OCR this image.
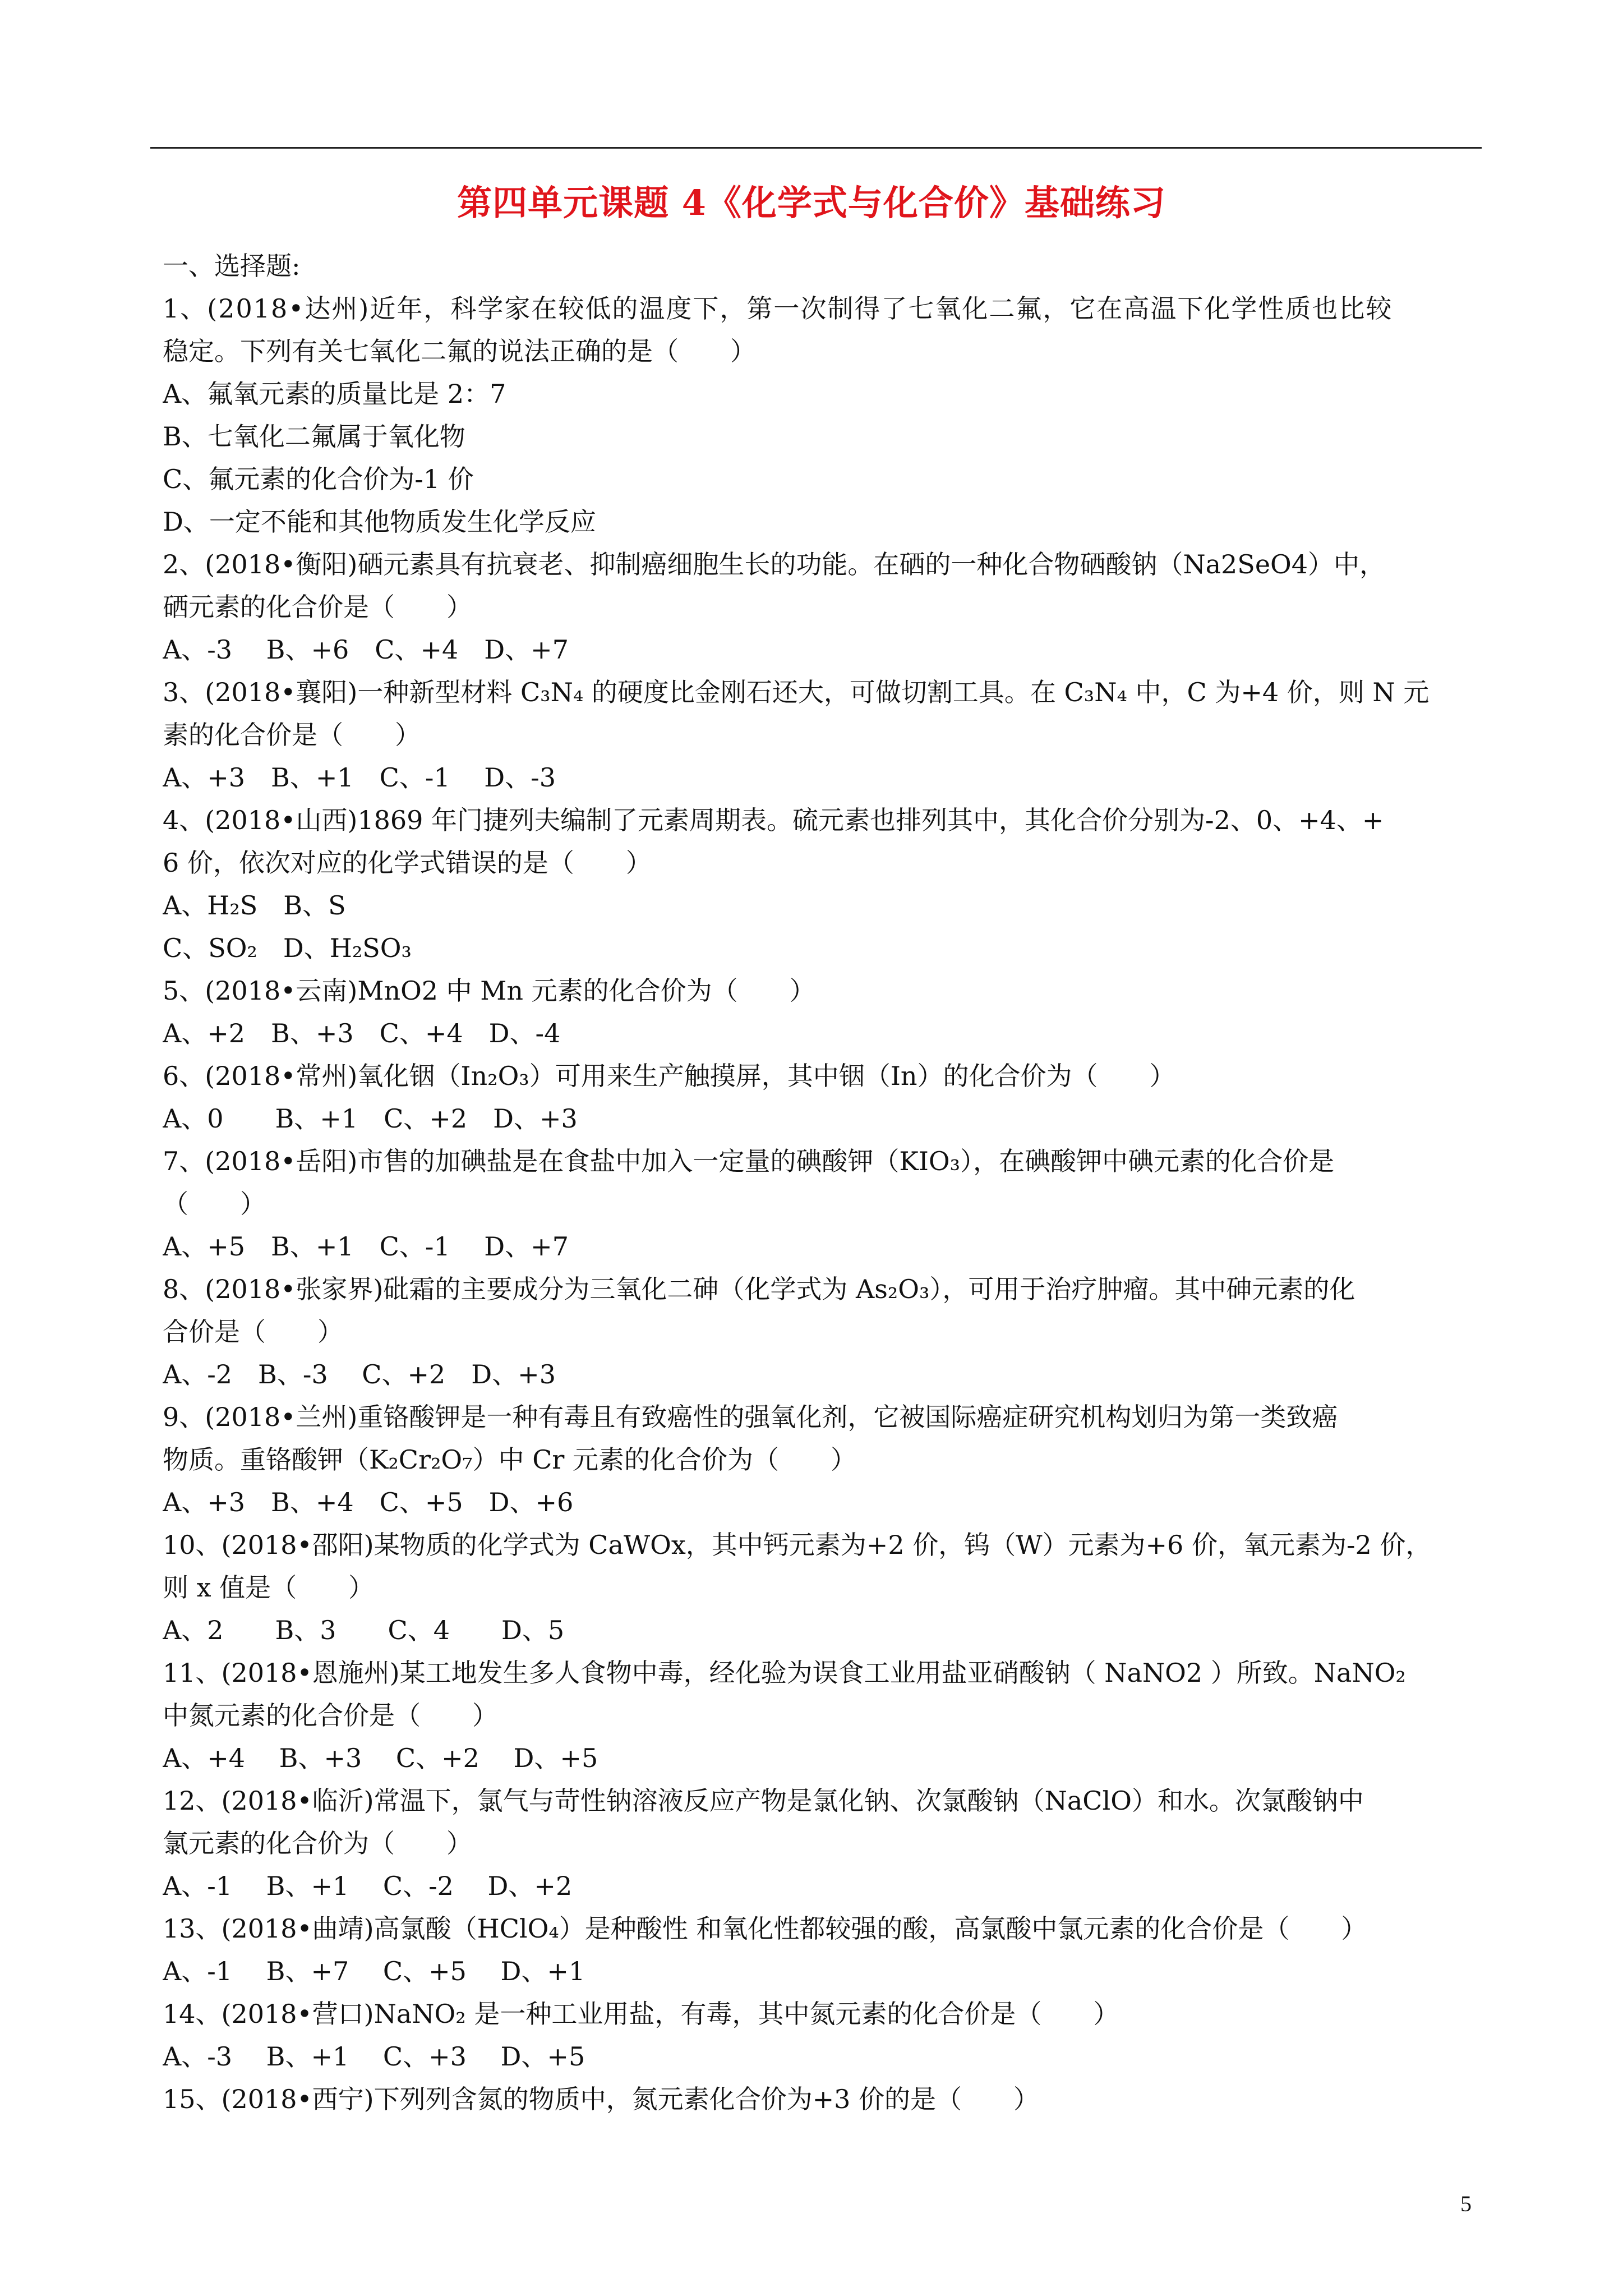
第四单元课题 4《化学式与化合价》基础练习
一、选择题:
1、(2018•达州)近年，科学家在较低的温度下，第一次制得了七氧化二氟，它在高温下化学性质也比较
稳定。下列有关七氧化二氟的说法正确的是（　　）
A、氟氧元素的质量比是 2：7
B、七氧化二氟属于氧化物
C、氟元素的化合价为-1 价
D、一定不能和其他物质发生化学反应
2、(2018•衡阳)硒元素具有抗衰老、抑制癌细胞生长的功能。在硒的一种化合物硒酸钠（Na2SeO4）中，
硒元素的化合价是（　　）
A、-3　 B、+6　C、+4　D、+7
3、(2018•襄阳)一种新型材料 C₃N₄ 的硬度比金刚石还大，可做切割工具。在 C₃N₄ 中，C 为+4 价，则 N 元
素的化合价是（　　）
A、+3　B、+1　C、-1　 D、-3
4、(2018•山西)1869 年门捷列夫编制了元素周期表。硫元素也排列其中，其化合价分别为-2、0、+4、+
6 价，依次对应的化学式错误的是（　　）
A、H₂S　B、S
C、SO₂　D、H₂SO₃
5、(2018•云南)MnO2 中 Mn 元素的化合价为（　　）
A、+2　B、+3　C、+4　D、-4
6、(2018•常州)氧化铟（In₂O₃）可用来生产触摸屏，其中铟（In）的化合价为（　　）
A、0　　B、+1　C、+2　D、+3
7、(2018•岳阳)市售的加碘盐是在食盐中加入一定量的碘酸钾（KIO₃），在碘酸钾中碘元素的化合价是
（　　）
A、+5　B、+1　C、-1　 D、+7
8、(2018•张家界)砒霜的主要成分为三氧化二砷（化学式为 As₂O₃），可用于治疗肿瘤。其中砷元素的化
合价是（　　）
A、-2　B、-3　 C、+2　D、+3
9、(2018•兰州)重铬酸钾是一种有毒且有致癌性的强氧化剂，它被国际癌症研究机构划归为第一类致癌
物质。重铬酸钾（K₂Cr₂O₇）中 Cr 元素的化合价为（　　）
A、+3　B、+4　C、+5　D、+6
10、(2018•邵阳)某物质的化学式为 CaWOx，其中钙元素为+2 价，钨（W）元素为+6 价，氧元素为-2 价，
则 x 值是（　　）
A、2　　B、3　　C、4　　D、5
11、(2018•恩施州)某工地发生多人食物中毒，经化验为误食工业用盐亚硝酸钠（ NaNO2 ）所致。NaNO₂
中氮元素的化合价是（　　）
A、+4　 B、+3　 C、+2　 D、+5
12、(2018•临沂)常温下，氯气与苛性钠溶液反应产物是氯化钠、次氯酸钠（NaClO）和水。次氯酸钠中
氯元素的化合价为（　　）
A、-1　 B、+1　 C、-2　 D、+2
13、(2018•曲靖)高氯酸（HClO₄）是种酸性 和氧化性都较强的酸，高氯酸中氯元素的化合价是（　　）
A、-1　 B、+7　 C、+5　 D、+1
14、(2018•营口)NaNO₂ 是一种工业用盐，有毒，其中氮元素的化合价是（　　）
A、-3　 B、+1　 C、+3　 D、+5
15、(2018•西宁)下列列含氮的物质中，氮元素化合价为+3 价的是（　　）
5
